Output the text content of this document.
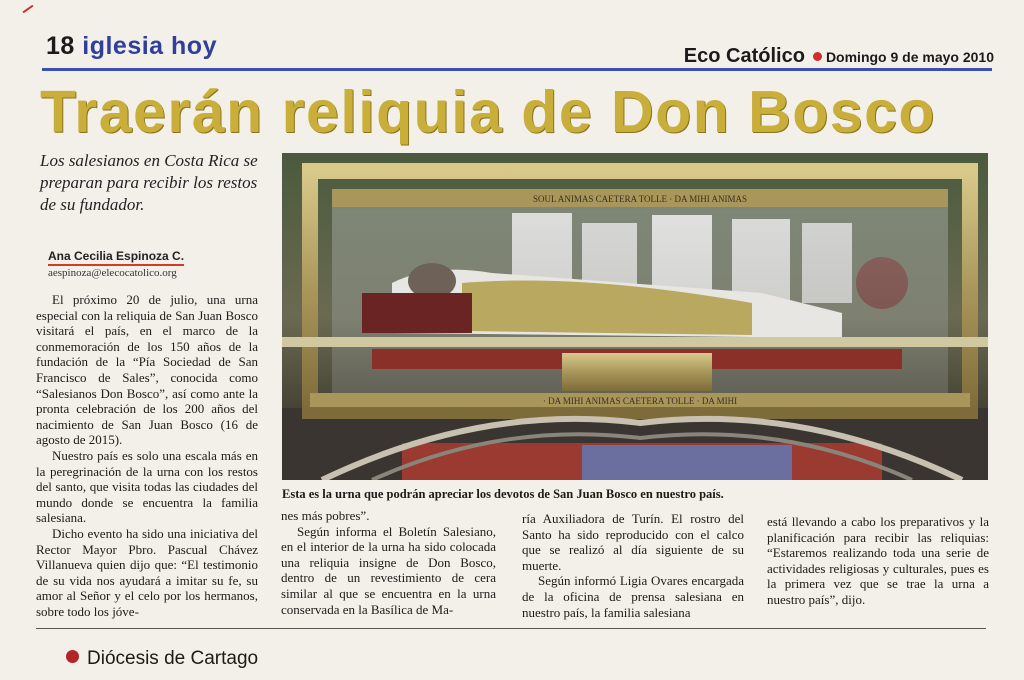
18 iglesia hoy	Eco Católico Domingo 9 de mayo 2010
Traerán reliquia de Don Bosco
Los salesianos en Costa Rica se preparan para recibir los restos de su fundador.
Ana Cecilia Espinoza C.
aespinoza@elecocatolico.org
SOUL ANIMAS CAETERA TOLLE · DA MIHI ANIMAS
· DA MIHI ANIMAS CAETERA TOLLE · DA MIHI
Esta es la urna que podrán apreciar los devotos de San Juan Bosco en nuestro país.

El próximo 20 de julio, una urna especial con la reliquia de San Juan Bosco visitará el país, en el marco de la conmemoración de los 150 años de la fundación de la “Pía Sociedad de San Francisco de Sales”, conocida como “Salesianos Don Bosco”, así como ante la pronta celebración de los 200 años del nacimiento de San Juan Bosco (16 de agosto de 2015).

Nuestro país es solo una escala más en la peregrinación de la urna con los restos del santo, que visita todas las ciudades del mundo donde se encuentra la familia salesiana.

Dicho evento ha sido una iniciativa del Rector Mayor Pbro. Pascual Chávez Villanueva quien dijo que: “El testimonio de su vida nos ayudará a imitar su fe, su amor al Señor y el celo por los hermanos, sobre todo los jóve-

nes más pobres”.

Según informa el Boletín Salesiano, en el interior de la urna ha sido colocada una reliquia insigne de Don Bosco, dentro de un revestimiento de cera similar al que se encuentra en la urna conservada en la Basílica de Ma-

ría Auxiliadora de Turín. El rostro del Santo ha sido reproducido con el calco que se realizó al día siguiente de su muerte.

Según informó Ligia Ovares encargada de la oficina de prensa salesiana en nuestro país, la familia salesiana

está llevando a cabo los preparativos y la planificación para recibir las reliquias: “Estaremos realizando toda una serie de actividades religiosas y culturales, pues es la primera vez que se trae la urna a nuestro país”, dijo.

Diócesis de Cartago
